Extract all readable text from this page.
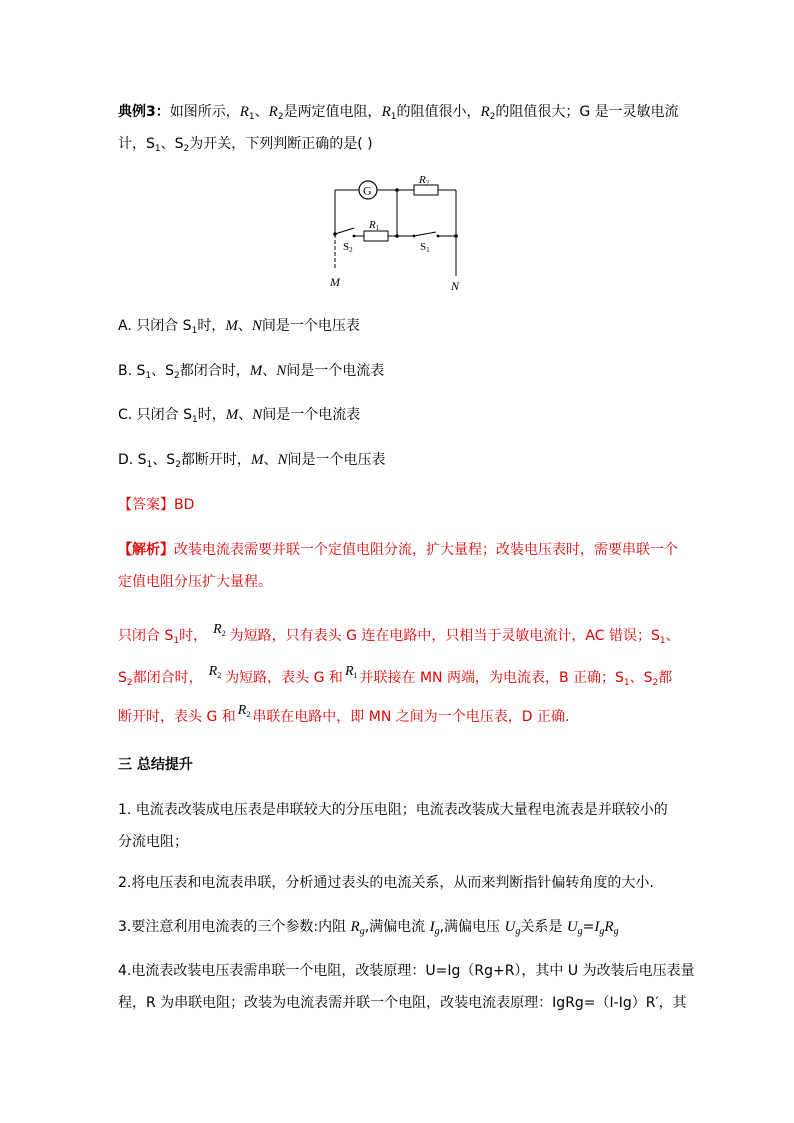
典例3：如图所示，$R_1$、$R_2$是两定值电阻，$R_1$的阻值很小，$R_2$的阻值很大；G 是一灵敏电流
计，$S_1$、$S_2$为开关，下列判断正确的是( )
G
R2
R1
S2	S1
M	N
A. 只闭合 $S_1$时，M、N间是一个电压表
B. $S_1$、$S_2$都闭合时，M、N间是一个电流表
C. 只闭合 $S_1$时，M、N间是一个电流表
D. $S_1$、$S_2$都断开时，M、N间是一个电压表
【答案】BD
【解析】改装电流表需要并联一个定值电阻分流，扩大量程；改装电压表时，需要串联一个
定值电阻分压扩大量程。
只闭合 $S_1$时， $R_2$ 为短路，只有表头 G 连在电路中，只相当于灵敏电流计，AC 错误；$S_1$、
$S_2$都闭合时， $R_2$ 为短路，表头 G 和 $R_1$ 并联接在 MN 两端，为电流表，B 正确；$S_1$、$S_2$都
断开时，表头 G 和 $R_2$ 串联在电路中，即 MN 之间为一个电压表，D 正确.
三 总结提升
1. 电流表改装成电压表是串联较大的分压电阻；电流表改装成大量程电流表是并联较小的
分流电阻；
2.将电压表和电流表串联，分析通过表头的电流关系，从而来判断指针偏转角度的大小.
3.要注意利用电流表的三个参数:内阻 $R_g$,满偏电流 $I_g$,满偏电压 $U_g$关系是 $U_g=I_gR_g$
4.电流表改装电压表需串联一个电阻，改装原理：U=Ig（Rg+R），其中 U 为改装后电压表量
程，R 为串联电阻；改装为电流表需并联一个电阻，改装电流表原理：IgRg=（I-Ig）R′，其
